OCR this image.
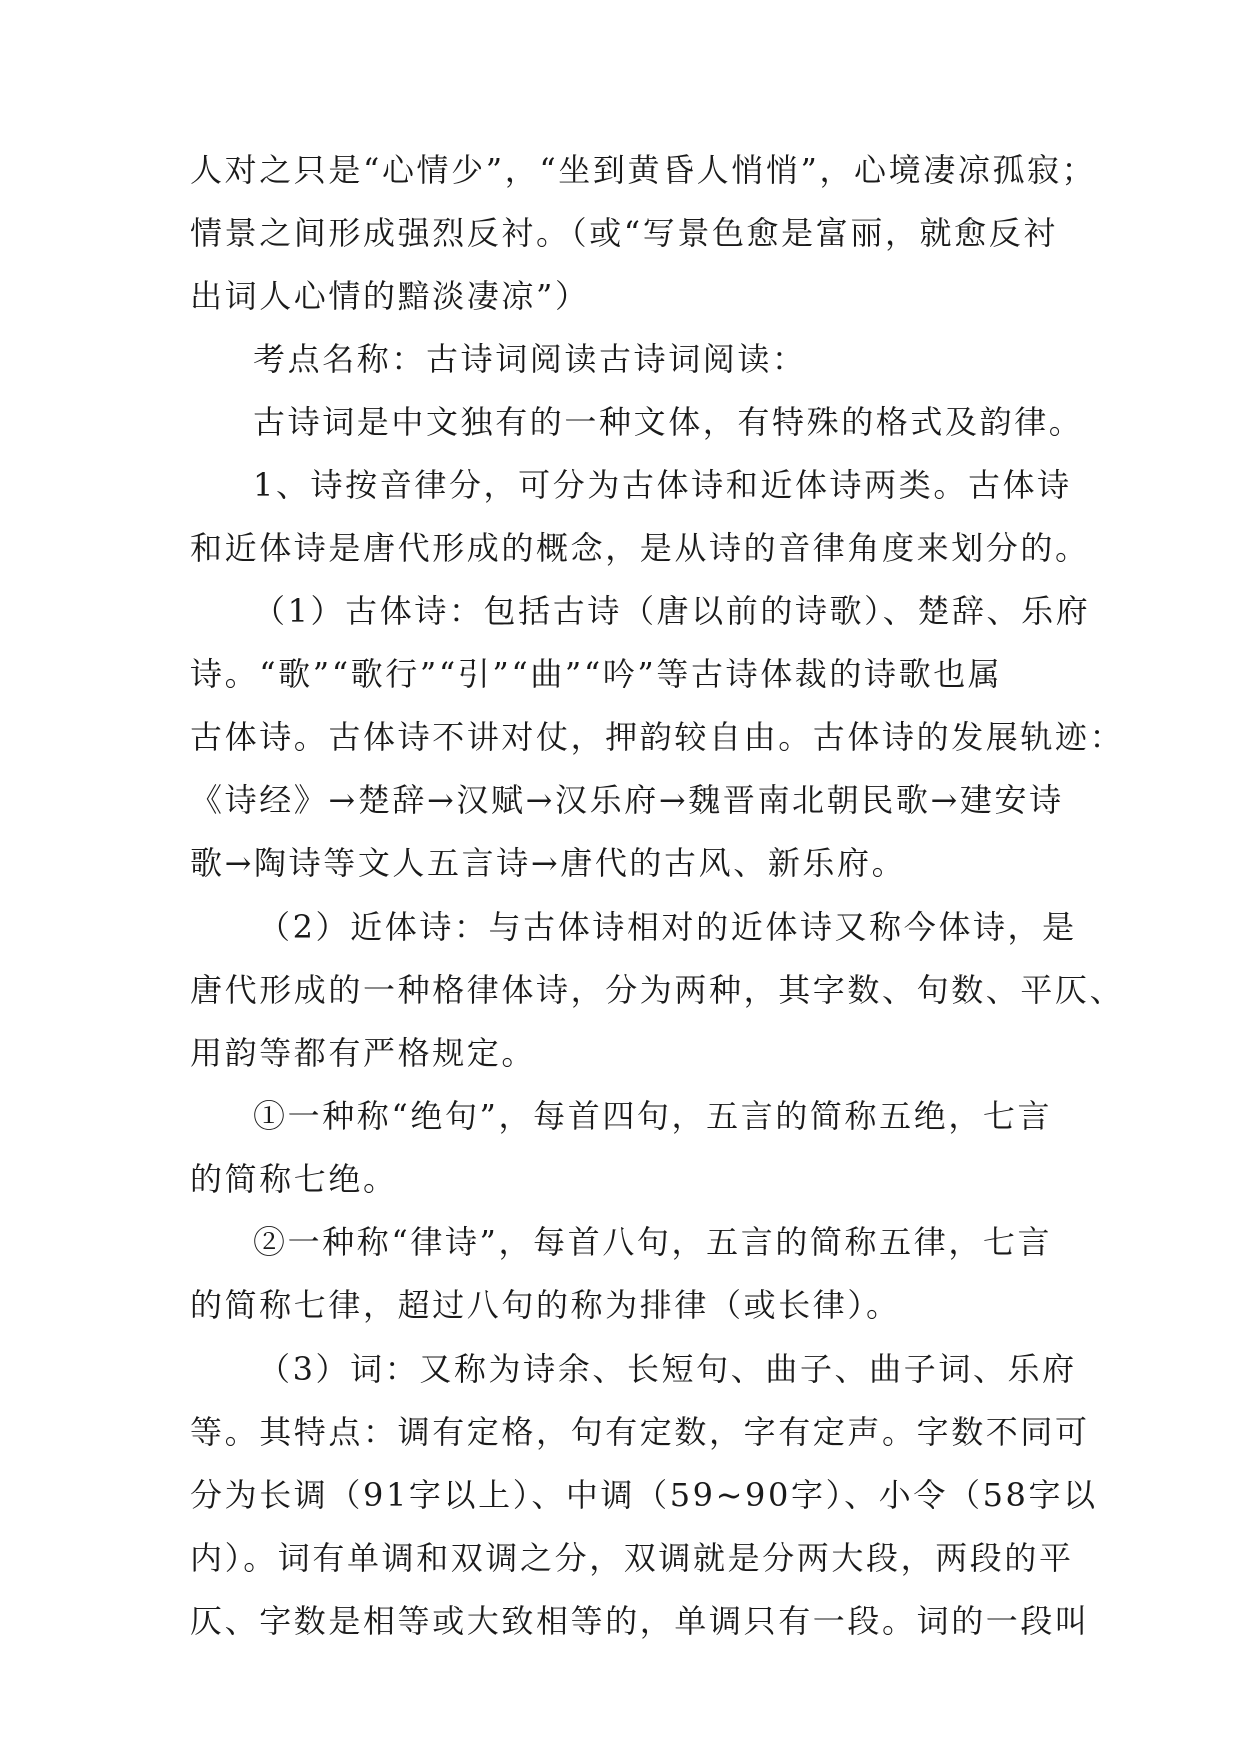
人对之只是“心情少”，“坐到黄昏人悄悄”，心境凄凉孤寂；
情景之间形成强烈反衬。（或“写景色愈是富丽，就愈反衬
出词人心情的黯淡凄凉”）
考点名称：古诗词阅读古诗词阅读：
古诗词是中文独有的一种文体，有特殊的格式及韵律。
1、诗按音律分，可分为古体诗和近体诗两类。古体诗
和近体诗是唐代形成的概念，是从诗的音律角度来划分的。
（1）古体诗：包括古诗（唐以前的诗歌）、楚辞、乐府
诗。“歌”“歌行”“引”“曲”“吟”等古诗体裁的诗歌也属
古体诗。古体诗不讲对仗，押韵较自由。古体诗的发展轨迹：
《诗经》→楚辞→汉赋→汉乐府→魏晋南北朝民歌→建安诗
歌→陶诗等文人五言诗→唐代的古风、新乐府。
（2）近体诗：与古体诗相对的近体诗又称今体诗，是
唐代形成的一种格律体诗，分为两种，其字数、句数、平仄、
用韵等都有严格规定。
①一种称“绝句”，每首四句，五言的简称五绝，七言
的简称七绝。
②一种称“律诗”，每首八句，五言的简称五律，七言
的简称七律，超过八句的称为排律（或长律）。
（3）词：又称为诗余、长短句、曲子、曲子词、乐府
等。其特点：调有定格，句有定数，字有定声。字数不同可
分为长调（91字以上）、中调（59~90字）、小令（58字以
内）。词有单调和双调之分，双调就是分两大段，两段的平
仄、字数是相等或大致相等的，单调只有一段。词的一段叫
